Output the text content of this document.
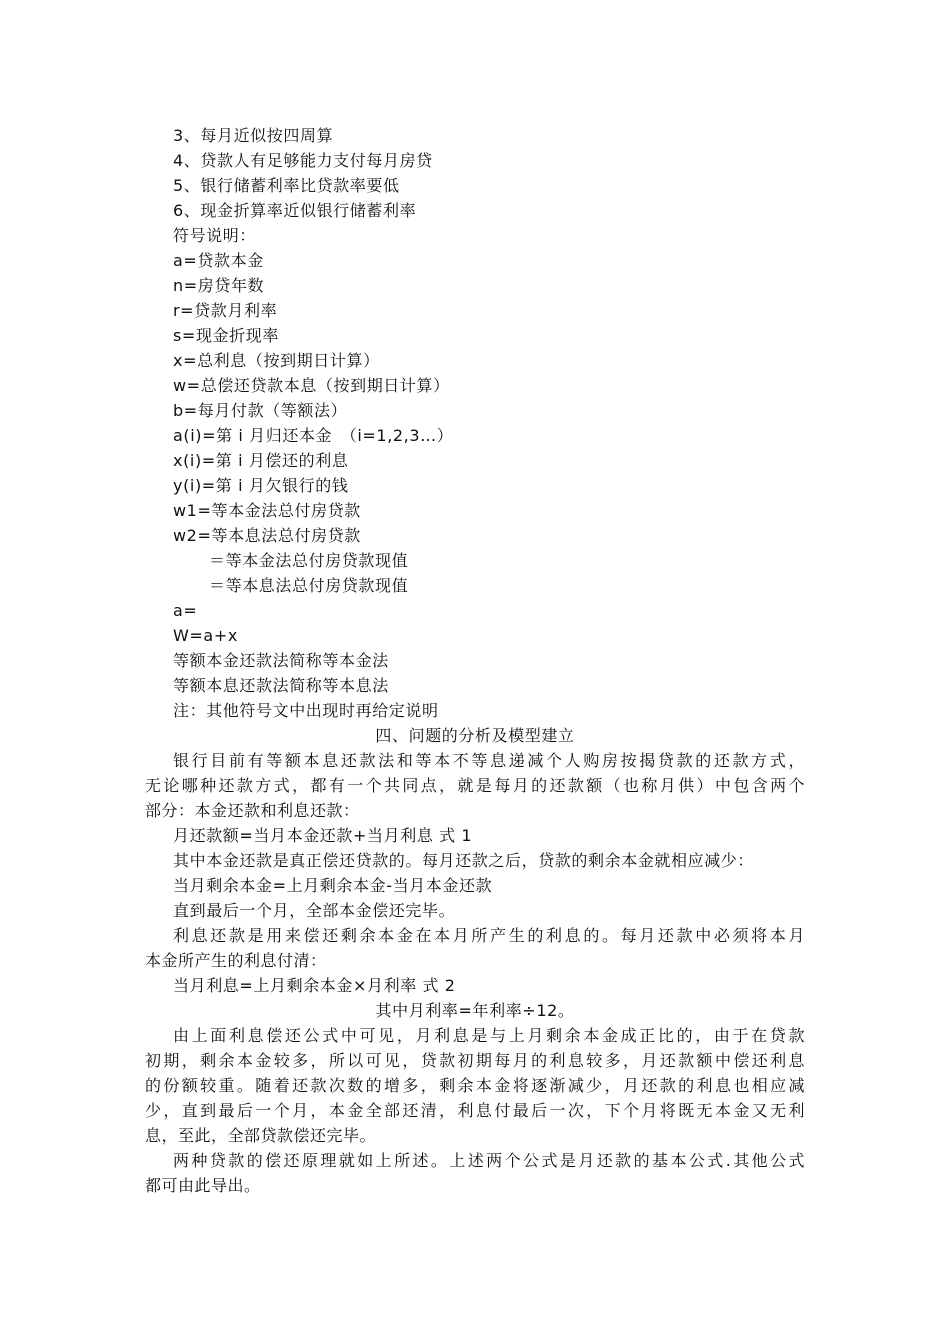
3、每月近似按四周算
4、贷款人有足够能力支付每月房贷
5、银行储蓄利率比贷款率要低
6、现金折算率近似银行储蓄利率
符号说明：
a=贷款本金
n=房贷年数
r=贷款月利率
s=现金折现率
x=总利息（按到期日计算）
w=总偿还贷款本息（按到期日计算）
b=每月付款（等额法）
a(i)=第 i 月归还本金　（i=1,2,3…）
x(i)=第 i 月偿还的利息
y(i)=第 i 月欠银行的钱
w1=等本金法总付房贷款
w2=等本息法总付房贷款
＝等本金法总付房贷款现值
＝等本息法总付房贷款现值
a=
W=a+x
等额本金还款法简称等本金法
等额本息还款法简称等本息法
注：其他符号文中出现时再给定说明
四、问题的分析及模型建立
银行目前有等额本息还款法和等本不等息递减个人购房按揭贷款的还款方式，
无论哪种还款方式，都有一个共同点，就是每月的还款额（也称月供）中包含两个
部分：本金还款和利息还款：
月还款额=当月本金还款+当月利息 式 1
其中本金还款是真正偿还贷款的。每月还款之后，贷款的剩余本金就相应减少：
当月剩余本金=上月剩余本金-当月本金还款
直到最后一个月，全部本金偿还完毕。
利息还款是用来偿还剩余本金在本月所产生的利息的。每月还款中必须将本月
本金所产生的利息付清：
当月利息=上月剩余本金×月利率 式 2
其中月利率=年利率÷12。
由上面利息偿还公式中可见，月利息是与上月剩余本金成正比的，由于在贷款
初期，剩余本金较多，所以可见，贷款初期每月的利息较多，月还款额中偿还利息
的份额较重。随着还款次数的增多，剩余本金将逐渐减少，月还款的利息也相应减
少，直到最后一个月，本金全部还清，利息付最后一次，下个月将既无本金又无利
息，至此，全部贷款偿还完毕。
两种贷款的偿还原理就如上所述。上述两个公式是月还款的基本公式.其他公式
都可由此导出。
